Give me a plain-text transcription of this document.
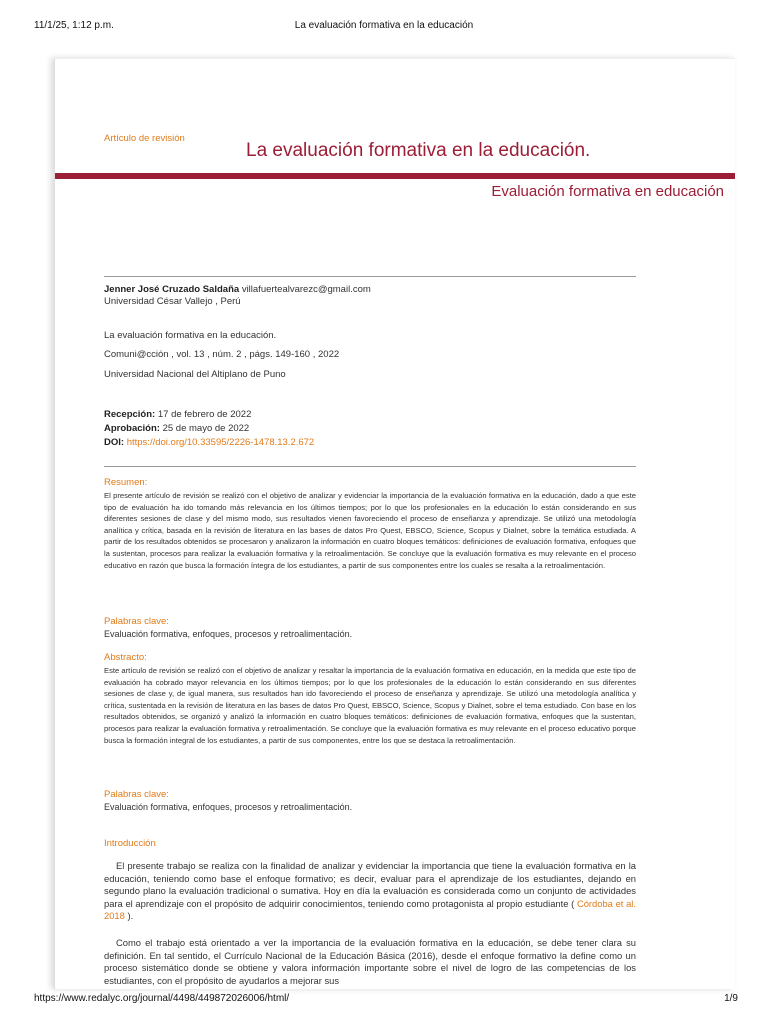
11/1/25, 1:12 p.m.	La evaluación formativa en la educación
Artículo de revisión
La evaluación formativa en la educación.
Evaluación formativa en educación
Jenner José Cruzado Saldaña villafuertealvarezc@gmail.com
Universidad César Vallejo , Perú
La evaluación formativa en la educación.
Comuni@cción , vol. 13 , núm. 2 , págs. 149-160 , 2022
Universidad Nacional del Altiplano de Puno
Recepción: 17 de febrero de 2022
Aprobación: 25 de mayo de 2022
DOI: https://doi.org/10.33595/2226-1478.13.2.672

Resumen:

El presente artículo de revisión se realizó con el objetivo de analizar y evidenciar la importancia de la evaluación formativa en la educación, dado a que este tipo de evaluación ha ido tomando más relevancia en los últimos tiempos; por lo que los profesionales en la educación lo están considerando en sus diferentes sesiones de clase y del mismo modo, sus resultados vienen favoreciendo el proceso de enseñanza y aprendizaje. Se utilizó una metodología analítica y crítica, basada en la revisión de literatura en las bases de datos Pro Quest, EBSCO, Science, Scopus y Dialnet, sobre la temática estudiada. A partir de los resultados obtenidos se procesaron y analizaron la información en cuatro bloques temáticos: definiciones de evaluación formativa, enfoques que la sustentan, procesos para realizar la evaluación formativa y la retroalimentación. Se concluye que la evaluación formativa es muy relevante en el proceso educativo en razón que busca la formación íntegra de los estudiantes, a partir de sus componentes entre los cuales se resalta a la retroalimentación.

Palabras clave:

Evaluación formativa, enfoques, procesos y retroalimentación.

Abstracto:

Este artículo de revisión se realizó con el objetivo de analizar y resaltar la importancia de la evaluación formativa en educación, en la medida que este tipo de evaluación ha cobrado mayor relevancia en los últimos tiempos; por lo que los profesionales de la educación lo están considerando en sus diferentes sesiones de clase y, de igual manera, sus resultados han ido favoreciendo el proceso de enseñanza y aprendizaje. Se utilizó una metodología analítica y crítica, sustentada en la revisión de literatura en las bases de datos Pro Quest, EBSCO, Science, Scopus y Dialnet, sobre el tema estudiado. Con base en los resultados obtenidos, se organizó y analizó la información en cuatro bloques temáticos: definiciones de evaluación formativa, enfoques que la sustentan, procesos para realizar la evaluación formativa y retroalimentación. Se concluye que la evaluación formativa es muy relevante en el proceso educativo porque busca la formación integral de los estudiantes, a partir de sus componentes, entre los que se destaca la retroalimentación.

Palabras clave:

Evaluación formativa, enfoques, procesos y retroalimentación.

Introducción

El presente trabajo se realiza con la finalidad de analizar y evidenciar la importancia que tiene la evaluación formativa en la educación, teniendo como base el enfoque formativo; es decir, evaluar para el aprendizaje de los estudiantes, dejando en segundo plano la evaluación tradicional o sumativa. Hoy en día la evaluación es considerada como un conjunto de actividades para el aprendizaje con el propósito de adquirir conocimientos, teniendo como protagonista al propio estudiante ( Córdoba et al. 2018 ).

Como el trabajo está orientado a ver la importancia de la evaluación formativa en la educación, se debe tener clara su definición. En tal sentido, el Currículo Nacional de la Educación Básica (2016), desde el enfoque formativo la define como un proceso sistemático donde se obtiene y valora información importante sobre el nivel de logro de las competencias de los estudiantes, con el propósito de ayudarlos a mejorar sus

https://www.redalyc.org/journal/4498/449872026006/html/	1/9
